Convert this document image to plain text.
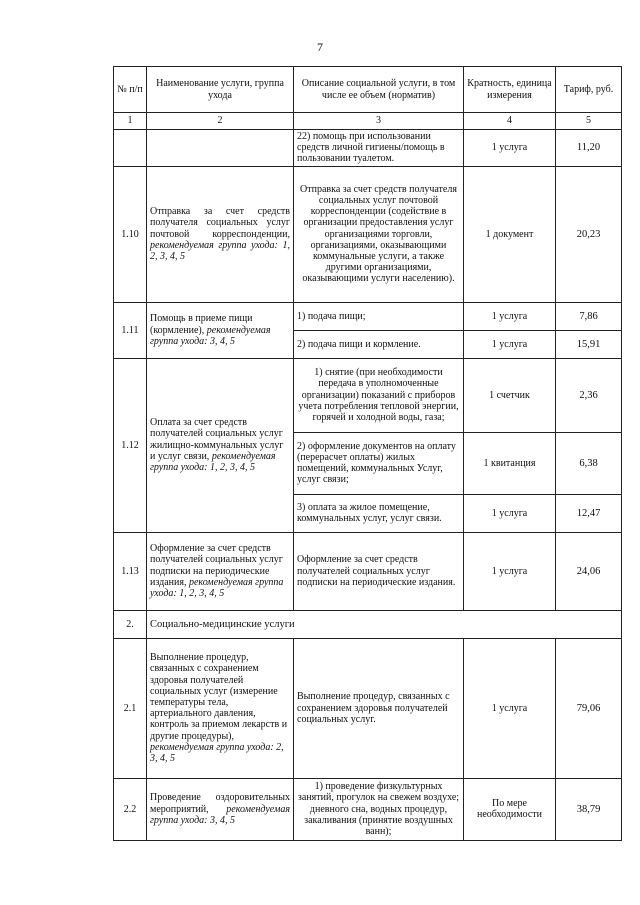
7
№ п/п	Наименование услуги, группа ухода	Описание социальной услуги, в том числе ее объем (норматив)	Кратность, единица измерения	Тариф, руб.
1	2	3	4	5
		22) помощь при использовании средств личной гигиены/помощь в пользовании туалетом.	1 услуга	11,20
1.10	Отправка за счет средств получателя социальных услуг почтовой корреспонденции, рекомендуемая группа ухода: 1, 2, 3, 4, 5	Отправка за счет средств получателя социальных услуг почтовой корреспонденции (содействие в организации предоставления услуг организациями торговли, организациями, оказывающими коммунальные услуги, а также другими организациями, оказывающими услуги населению).	1 документ	20,23
1.11	Помощь в приеме пищи (кормление), рекомендуемая группа ухода: 3, 4, 5	1) подача пищи;	1 услуга	7,86
		2) подача пищи и кормление.	1 услуга	15,91
1.12	Оплата за счет средств получателей социальных услуг жилищно-коммунальных услуг и услуг связи, рекомендуемая группа ухода: 1, 2, 3, 4, 5	1) снятие (при необходимости передача в уполномоченные организации) показаний с приборов учета потребления тепловой энергии, горячей и холодной воды, газа;	1 счетчик	2,36
		2) оформление документов на оплату (перерасчет оплаты) жилых помещений, коммунальных Услуг, услуг связи;	1 квитанция	6,38
		3) оплата за жилое помещение, коммунальных услуг, услуг связи.	1 услуга	12,47
1.13	Оформление за счет средств получателей социальных услуг подписки на периодические издания, рекомендуемая группа ухода: 1, 2, 3, 4, 5	Оформление за счет средств получателей социальных услуг подписки на периодические издания.	1 услуга	24,06
2.	Социально-медицинские услуги			
2.1	Выполнение процедур, связанных с сохранением здоровья получателей социальных услуг (измерение температуры тела, артериального давления, контроль за приемом лекарств и другие процедуры), рекомендуемая группа ухода: 2, 3, 4, 5	Выполнение процедур, связанных с сохранением здоровья получателей социальных услуг.	1 услуга	79,06
2.2	Проведение оздоровительных мероприятий, рекомендуемая группа ухода: 3, 4, 5	1) проведение физкультурных занятий, прогулок на свежем воздухе; дневного сна, водных процедур, закаливания (принятие воздушных ванн);	По мере необходимости	38,79
